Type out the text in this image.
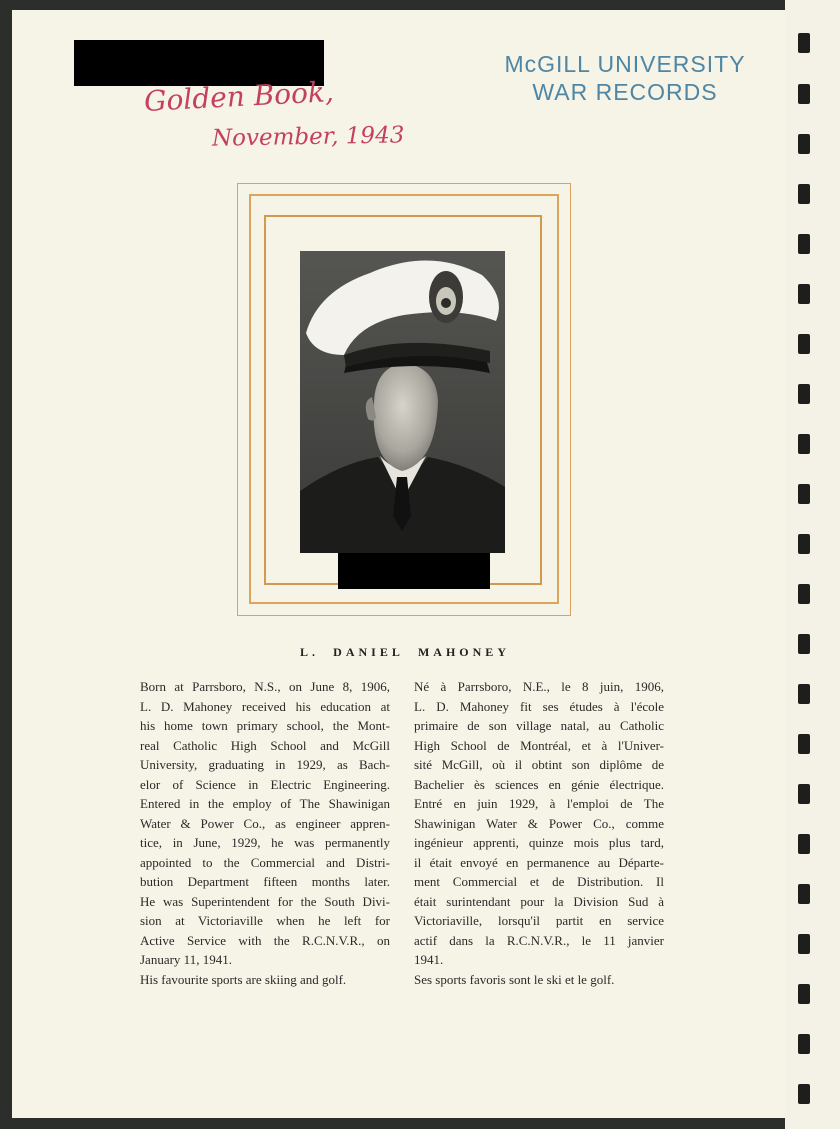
McGILL UNIVERSITY
WAR RECORDS
Golden Book,
November, 1943
L. DANIEL MAHONEY

Born at Parrsboro, N.S., on June 8, 1906,

L. D. Mahoney received his education at

his home town primary school, the Mont-

real Catholic High School and McGill

University, graduating in 1929, as Bach-

elor of Science in Electric Engineering.

Entered in the employ of The Shawinigan

Water & Power Co., as engineer appren-

tice, in June, 1929, he was permanently

appointed to the Commercial and Distri-

bution Department fifteen months later.

He was Superintendent for the South Divi-

sion at Victoriaville when he left for

Active Service with the R.C.N.V.R., on

January 11, 1941.

His favourite sports are skiing and golf.

Né à Parrsboro, N.E., le 8 juin, 1906,

L. D. Mahoney fit ses études à l'école

primaire de son village natal, au Catholic

High School de Montréal, et à l'Univer-

sité McGill, où il obtint son diplôme de

Bachelier ès sciences en génie électrique.

Entré en juin 1929, à l'emploi de The

Shawinigan Water & Power Co., comme

ingénieur apprenti, quinze mois plus tard,

il était envoyé en permanence au Départe-

ment Commercial et de Distribution. Il

était surintendant pour la Division Sud à

Victoriaville, lorsqu'il partit en service

actif dans la R.C.N.V.R., le 11 janvier

1941.

Ses sports favoris sont le ski et le golf.
